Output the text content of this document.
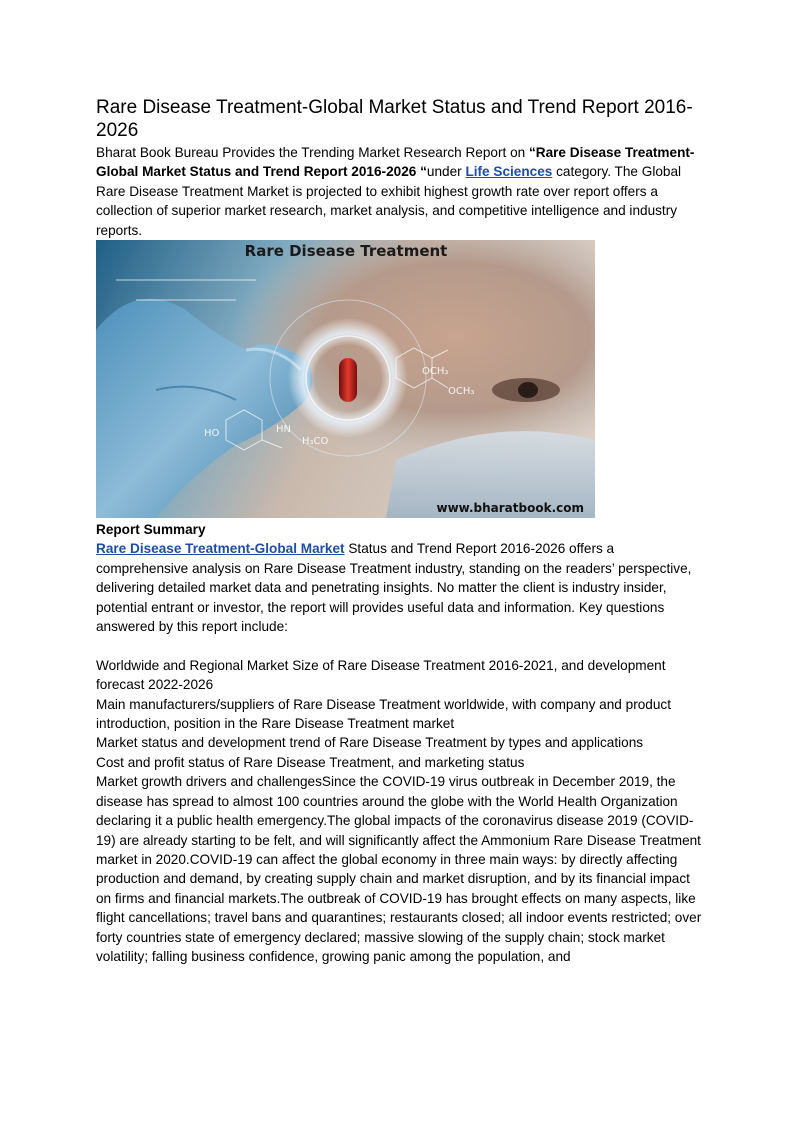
Rare Disease Treatment-Global Market Status and Trend Report 2016-2026

Bharat Book Bureau Provides the Trending Market Research Report on “Rare Disease Treatment-Global Market Status and Trend Report 2016-2026 “under Life Sciences category. The Global Rare Disease Treatment Market is projected to exhibit highest growth rate over report offers a collection of superior market research, market analysis, and competitive intelligence and industry reports.

OCH₃
OCH₃
HO	HN
H₃CO
Rare Disease Treatment
www.bharatbook.com
Report Summary

Rare Disease Treatment-Global Market Status and Trend Report 2016-2026 offers a comprehensive analysis on Rare Disease Treatment industry, standing on the readers’ perspective, delivering detailed market data and penetrating insights. No matter the client is industry insider, potential entrant or investor, the report will provides useful data and information. Key questions answered by this report include:

Worldwide and Regional Market Size of Rare Disease Treatment 2016-2021, and development forecast 2022-2026

Main manufacturers/suppliers of Rare Disease Treatment worldwide, with company and product introduction, position in the Rare Disease Treatment market

Market status and development trend of Rare Disease Treatment by types and applications

Cost and profit status of Rare Disease Treatment, and marketing status

Market growth drivers and challengesSince the COVID-19 virus outbreak in December 2019, the disease has spread to almost 100 countries around the globe with the World Health Organization declaring it a public health emergency.The global impacts of the coronavirus disease 2019 (COVID-19) are already starting to be felt, and will significantly affect the Ammonium Rare Disease Treatment market in 2020.COVID-19 can affect the global economy in three main ways: by directly affecting production and demand, by creating supply chain and market disruption, and by its financial impact on firms and financial markets.The outbreak of COVID-19 has brought effects on many aspects, like flight cancellations; travel bans and quarantines; restaurants closed; all indoor events restricted; over forty countries state of emergency declared; massive slowing of the supply chain; stock market volatility; falling business confidence, growing panic among the population, and
